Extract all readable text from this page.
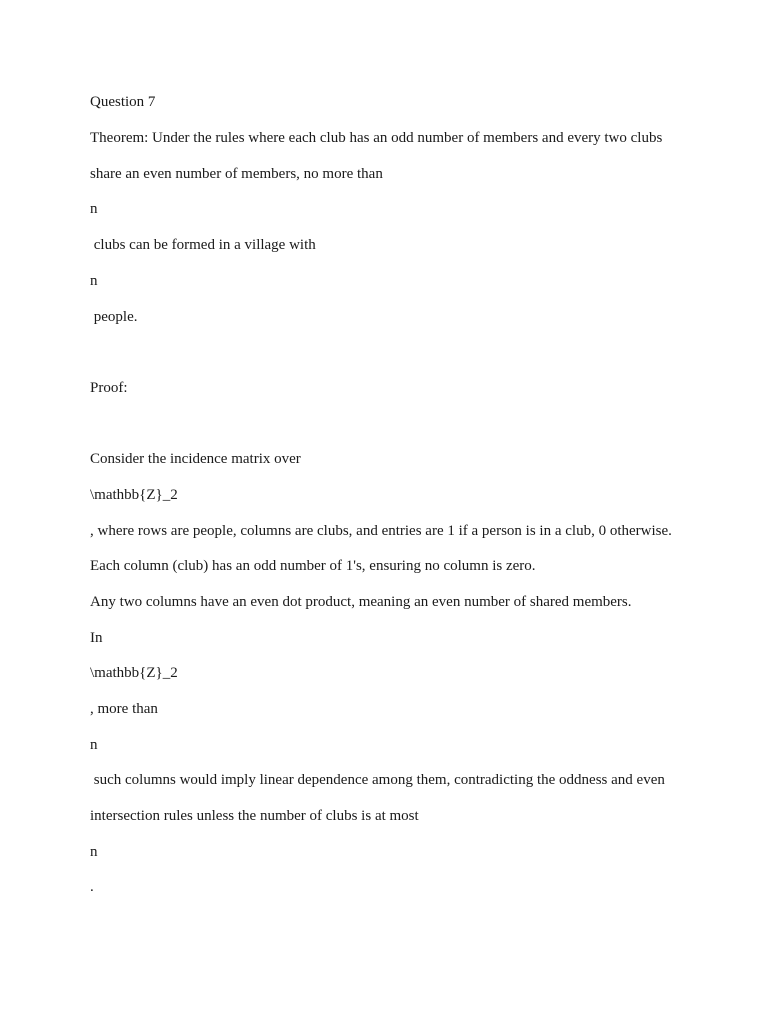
Question 7
Theorem: Under the rules where each club has an odd number of members and every two clubs
share an even number of members, no more than
n
clubs can be formed in a village with
n
people.
Proof:
Consider the incidence matrix over
\mathbb{Z}_2
, where rows are people, columns are clubs, and entries are 1 if a person is in a club, 0 otherwise.
Each column (club) has an odd number of 1's, ensuring no column is zero.
Any two columns have an even dot product, meaning an even number of shared members.
In
\mathbb{Z}_2
, more than
n
such columns would imply linear dependence among them, contradicting the oddness and even
intersection rules unless the number of clubs is at most
n
.
